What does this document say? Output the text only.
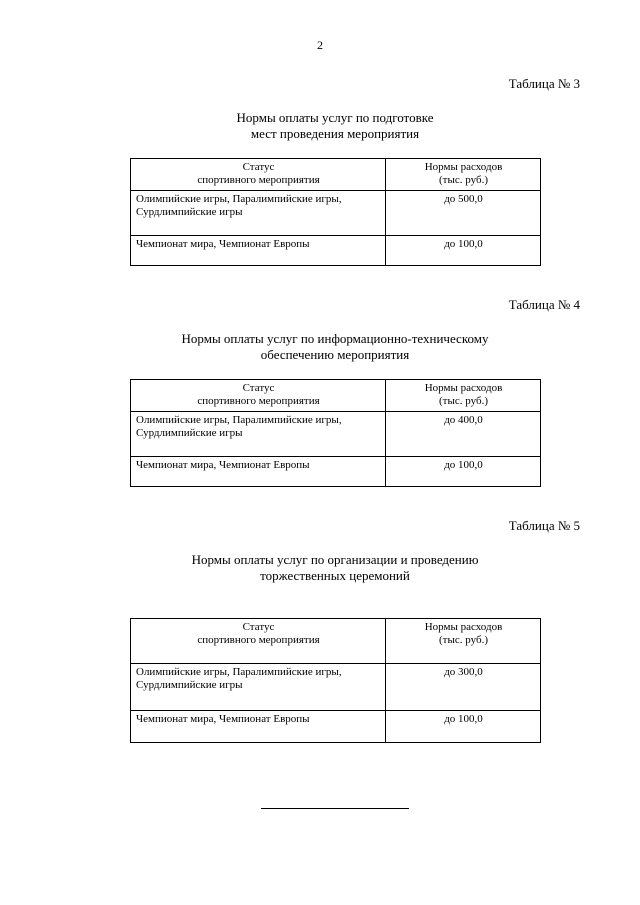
2
Таблица № 3
Нормы оплаты услуг по подготовке
мест проведения мероприятия
Статус
спортивного мероприятия	Нормы расходов
(тыс. руб.)

Олимпийские игры, Паралимпийские игры, Сурдлимпийские игры	до 500,0
Чемпионат мира, Чемпионат Европы	до 100,0
Таблица № 4
Нормы оплаты услуг по информационно-техническому
обеспечению мероприятия
Статус
спортивного мероприятия	Нормы расходов
(тыс. руб.)

Олимпийские игры, Паралимпийские игры, Сурдлимпийские игры	до 400,0
Чемпионат мира, Чемпионат Европы	до 100,0
Таблица № 5
Нормы оплаты услуг по организации и проведению
торжественных церемоний
Статус
спортивного мероприятия	Нормы расходов
(тыс. руб.)

Олимпийские игры, Паралимпийские игры, Сурдлимпийские игры	до 300,0
Чемпионат мира, Чемпионат Европы	до 100,0
